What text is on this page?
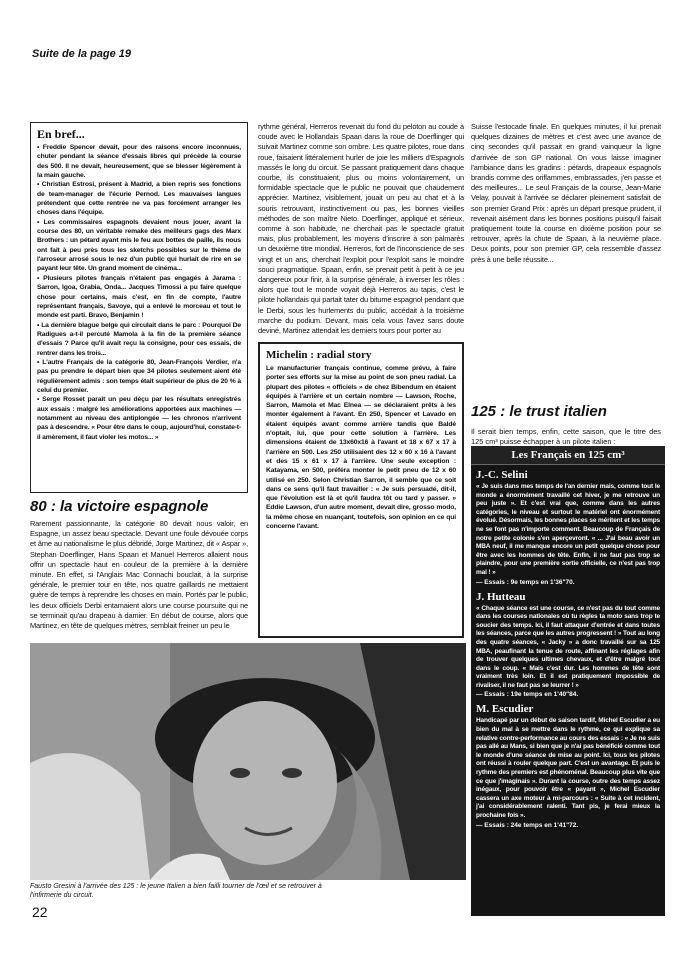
Suite de la page 19
En bref...

• Freddie Spencer devait, pour des raisons encore inconnues, chuter pendant la séance d'essais libres qui précède la course des 500. Il ne devait, heureusement, que se blesser légèrement à la main gauche.

• Christian Estrosi, présent à Madrid, a bien repris ses fonctions de team-manager de l'écurie Pernod. Les mauvaises langues prétendent que cette rentrée ne va pas forcément arranger les choses dans l'équipe.

• Les commissaires espagnols devaient nous jouer, avant la course des 80, un véritable remake des meilleurs gags des Marx Brothers : un pétard ayant mis le feu aux bottes de paille, ils nous ont fait à peu près tous les sketchs possibles sur le thème de l'arroseur arrosé sous le nez d'un public qui hurlait de rire en se payant leur tête. Un grand moment de cinéma...

• Plusieurs pilotes français n'étaient pas engagés à Jarama : Sarron, Igoa, Grabia, Onda... Jacques Timossi a pu faire quelque chose pour certains, mais c'est, en fin de compte, l'autre représentant français, Savoye, qui a enlevé le morceau et tout le monde est parti. Bravo, Benjamin !

• La dernière blague belge qui circulait dans le parc : Pourquoi De Radigues a-t-il percuté Mamola à la fin de la première séance d'essais ? Parce qu'il avait reçu la consigne, pour ces essais, de rentrer dans les trois...

• L'autre Français de la catégorie 80, Jean-François Verdier, n'a pas pu prendre le départ bien que 34 pilotes seulement aient été régulièrement admis : son temps était supérieur de plus de 20 % à celui du premier.

• Serge Rosset paraît un peu déçu par les résultats enregistrés aux essais : malgré les améliorations apportées aux machines — notamment au niveau des antiplongée — les chronos n'arrivent pas à descendre. « Pour être dans le coup, aujourd'hui, constate-t-il amèrement, il faut violer les motos... »

80 : la victoire espagnole

Rarement passionnante, la catégorie 80 devait nous valoir, en Espagne, un assez beau spectacle. Devant une foule dévouée corps et âme au nationalisme le plus débridé, Jorge Martinez, dit « Aspar », Stephan Doerflinger, Hans Spaan et Manuel Herreros allaient nous offrir un spectacle haut en couleur de la première à la dernière minute. En effet, si l'Anglais Mac Connachi bouclait, à la surprise générale, le premier tour en tête, nos quatre gaillards ne mettaient guère de temps à reprendre les choses en main. Portés par le public, les deux officiels Derbi entamaient alors une course poursuite qui ne se terminait qu'au drapeau à damier. En début de course, alors que Martinez, en tête de quelques mètres, semblait freiner un peu le

rythme général, Herreros revenait du fond du peloton au coude à coude avec le Hollandais Spaan dans la roue de Doerflinger qui suivait Martinez comme son ombre. Les quatre pilotes, roue dans roue, faisaient littéralement hurler de joie les milliers d'Espagnols massés le long du circuit. Se passant pratiquement dans chaque courbe, ils constituaient, plus ou moins volontairement, un formidable spectacle que le public ne pouvait que chaudement apprécier. Martinez, visiblement, jouait un peu au chat et à la souris retrouvant, instinctivement ou pas, les bonnes vieilles méthodes de son maître Nieto. Doerflinger, appliqué et sérieux, comme à son habitude, ne cherchait pas le spectacle gratuit mais, plus probablement, les moyens d'inscrire à son palmarès un deuxième titre mondial. Herreros, fort de l'inconscience de ses vingt et un ans, cherchait l'exploit pour l'exploit sans le moindre souci pragmatique. Spaan, enfin, se prenait petit à petit à ce jeu dangereux pour finir, à la surprise générale, à inverser les rôles : alors que tout le monde voyait déjà Herreros au tapis, c'est le pilote hollandais qui partait tater du bitume espagnol pendant que le Derbi, sous les hurlements du public, accédait à la troisième marche du podium. Devant, mais cela vous l'avez sans doute deviné, Martinez attendait les derniers tours pour porter au

Suisse l'estocade finale. En quelques minutes, il lui prenait quelques dizaines de mètres et c'est avec une avance de cinq secondes qu'il passait en grand vainqueur la ligne d'arrivée de son GP national. On vous laisse imaginer l'ambiance dans les gradins : pétards, drapeaux espagnols brandis comme des oriflammes, embrassades, j'en passe et des meilleures... Le seul Français de la course, Jean-Marie Velay, pouvait à l'arrivée se déclarer pleinement satisfait de son premier Grand Prix : après un départ presque prudent, il revenait aisément dans les bonnes positions puisqu'il faisait pratiquement toute la course en dixième position pour se retrouver, après la chute de Spaan, à la neuvième place. Deux points, pour son premier GP, cela ressemble d'assez près à une belle réussite...

Michelin : radial story
Le manufacturier français continue, comme prévu, à faire porter ses efforts sur la mise au point de son pneu radial. La plupart des pilotes « officiels » de chez Bibendum en étaient équipés à l'arrière et un certain nombre — Lawson, Roche, Sarron, Mamola et Mac Elnea — se déclaraient prêts à les monter également à l'avant. En 250, Spencer et Lavado en étaient équipés avant comme arrière tandis que Baldé n'optait, lui, que pour cette solution à l'arrière. Les dimensions étaient de 13x60x16 à l'avant et 18 x 67 x 17 à l'arrière en 500. Les 250 utilisaient des 12 x 60 x 16 à l'avant et des 15 x 61 x 17 à l'arrière. Une seule exception : Katayama, en 500, préféra monter le petit pneu de 12 x 60 utilisé en 250. Selon Christian Sarron, il semble que ce soit dans ce sens qu'il faut travailler : « Je suis persuadé, dit-il, que l'évolution est là et qu'il faudra tôt ou tard y passer. » Eddie Lawson, d'un autre moment, devait dire, grosso modo, la même chose en nuançant, toutefois, son opinion en ce qui concerne l'avant.
125 : le trust italien
Il serait bien temps, enfin, cette saison, que le titre des 125 cm³ puisse échapper à un pilote italien :
Les Français en 125 cm³
J.-C. Selini
« Je suis dans mes temps de l'an dernier mais, comme tout le monde a énormément travaillé cet hiver, je me retrouve un peu juste ». Et c'est vrai que, comme dans les autres catégories, le niveau et surtout le matériel ont énormément évolué. Désormais, les bonnes places se méritent et les temps ne se font pas n'importe comment. Beaucoup de Français de notre petite colonie s'en aperçevront. « ... J'ai beau avoir un MBA neuf, il me manque encore un petit quelque chose pour être avec les hommes de tête. Enfin, il ne faut pas trop se plaindre, pour une première sortie officielle, ce n'est pas trop mal ! »
— Essais : 9e temps en 1'36"70.
J. Hutteau
« Chaque séance est une course, ce n'est pas du tout comme dans les courses nationales où tu règles ta moto sans trop te soucier des temps. Ici, il faut attaquer d'entrée et dans toutes les séances, parce que les autres progressent ! » Tout au long des quatre séances, « Jacky » a donc travaillé sur sa 125 MBA, peaufinant la tenue de route, affinant les réglages afin de trouver quelques ultimes chevaux, et d'être malgré tout dans le coup. « Mais c'est dur. Les hommes de tête sont vraiment très loin. Et il est pratiquement impossible de rivaliser, il ne faut pas se leurrer ! »
— Essais : 19e temps en 1'40"84.
M. Escudier
Handicapé par un début de saison tardif, Michel Escudier a eu bien du mal à se mettre dans le rythme, ce qui explique sa relative contre-performance au cours des essais : « Je ne suis pas allé au Mans, si bien que je n'ai pas bénéficié comme tout le monde d'une séance de mise au point. Ici, tous les pilotes ont réussi à rouler quelque part. C'est un avantage. Et puis le rythme des premiers est phénoménal. Beaucoup plus vite que ce que j'imaginais ». Durant la course, outre des temps assez inégaux, pour pouvoir être « payant », Michel Escudier cassera un axe moteur à mi-parcours : « Suite à cet incident, j'ai considérablement ralenti. Tant pis, je ferai mieux la prochaine fois ».
— Essais : 24e temps en 1'41"72.
Fausto Gresini à l'arrivée des 125 : le jeune Italien a bien failli tourner de l'œil et se retrouver à l'infirmerie du circuit.
22
